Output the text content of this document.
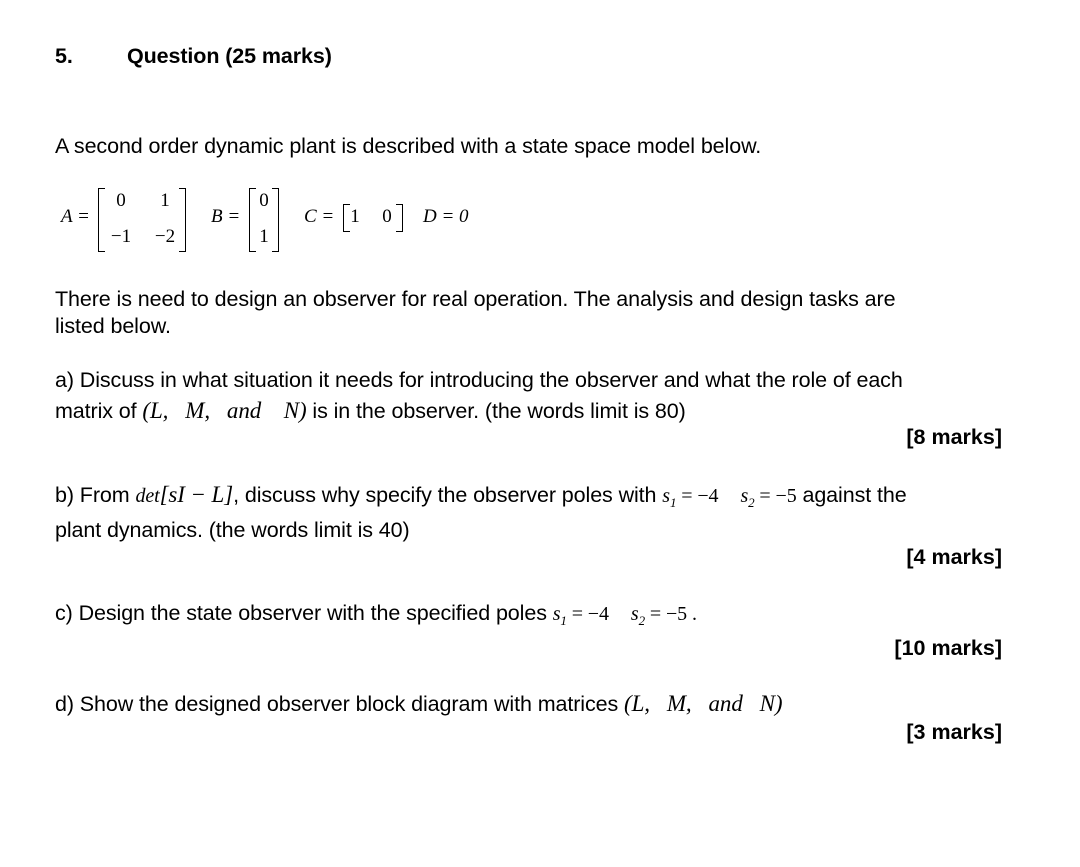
5.	Question (25 marks)
A second order dynamic plant is described with a state space model below.
A =
0	1
−1 −2
B =
0
1
C = 1 0 D = 0
There is need to design an observer for real operation. The analysis and design tasks are
listed below.
a) Discuss in what situation it needs for introducing the observer and what the role of each
matrix of (L,   M,   and    N) is in the observer. (the words limit is 80)
[8 marks]
b) From det[sI − L], discuss why specify the observer poles with $s_1 = -4$ $s_2 = -5$ against the
plant dynamics. (the words limit is 40)
[4 marks]
c) Design the state observer with the specified poles $s_1 = -4$ $s_2 = -5$ .
[10 marks]
d) Show the designed observer block diagram with matrices (L,   M,   and   N)
[3 marks]
